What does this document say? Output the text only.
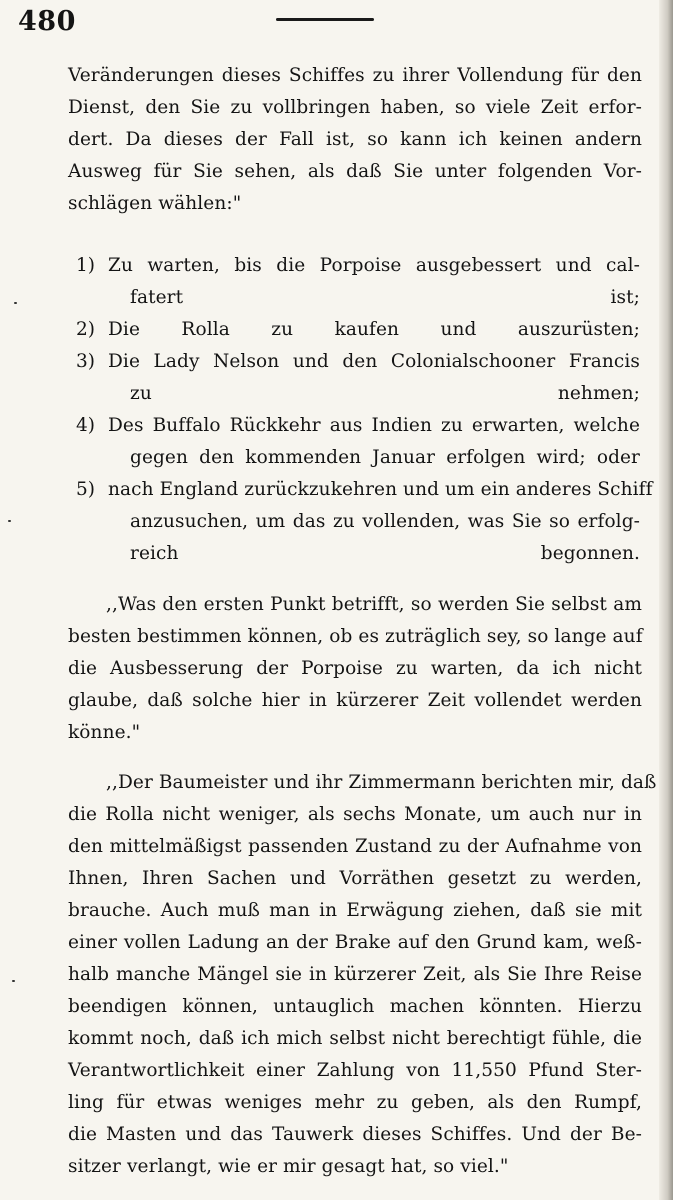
480
Veränderungen dieses Schiffes zu ihrer Vollendung für den
Dienst, den Sie zu vollbringen haben, so viele Zeit erfor-
dert. Da dieses der Fall ist, so kann ich keinen andern
Ausweg für Sie sehen, als daß Sie unter folgenden Vor-
schlägen wählen:"
1) Zu warten, bis die Porpoise ausgebessert und cal-
fatert ist;
2) Die Rolla zu kaufen und auszurüsten;
3) Die Lady Nelson und den Colonialschooner Francis
zu nehmen;
4) Des Buffalo Rückkehr aus Indien zu erwarten, welche
gegen den kommenden Januar erfolgen wird; oder
5) nach England zurückzukehren und um ein anderes Schiff
anzusuchen, um das zu vollenden, was Sie so erfolg-
reich begonnen.
,,Was den ersten Punkt betrifft, so werden Sie selbst am
besten bestimmen können, ob es zuträglich sey, so lange auf
die Ausbesserung der Porpoise zu warten, da ich nicht
glaube, daß solche hier in kürzerer Zeit vollendet werden
könne."
,,Der Baumeister und ihr Zimmermann berichten mir, daß
die Rolla nicht weniger, als sechs Monate, um auch nur in
den mittelmäßigst passenden Zustand zu der Aufnahme von
Ihnen, Ihren Sachen und Vorräthen gesetzt zu werden,
brauche. Auch muß man in Erwägung ziehen, daß sie mit
einer vollen Ladung an der Brake auf den Grund kam, weß-
halb manche Mängel sie in kürzerer Zeit, als Sie Ihre Reise
beendigen können, untauglich machen könnten. Hierzu
kommt noch, daß ich mich selbst nicht berechtigt fühle, die
Verantwortlichkeit einer Zahlung von 11,550 Pfund Ster-
ling für etwas weniges mehr zu geben, als den Rumpf,
die Masten und das Tauwerk dieses Schiffes. Und der Be-
sitzer verlangt, wie er mir gesagt hat, so viel."
